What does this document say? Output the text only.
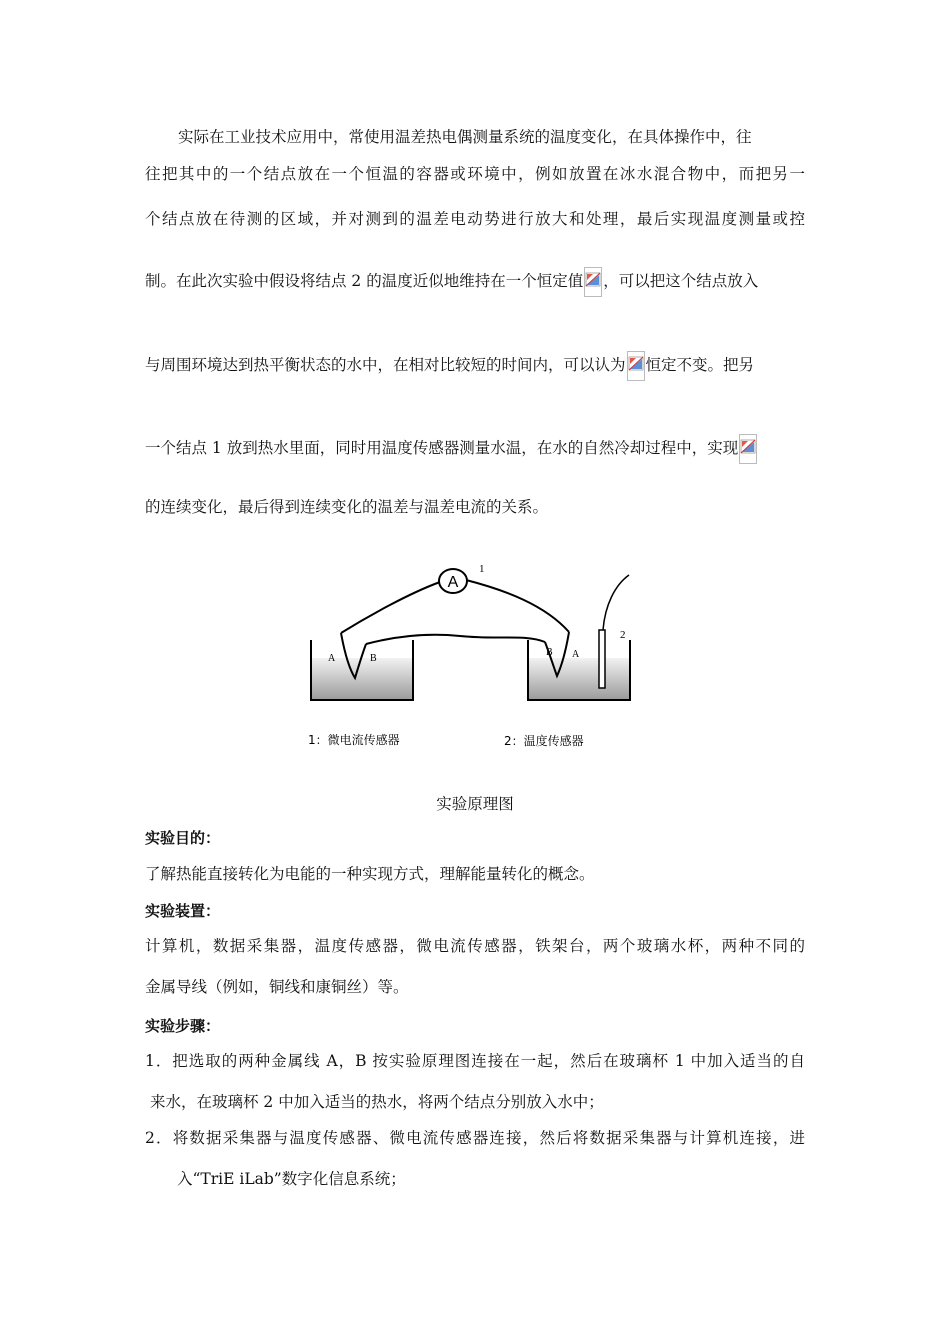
实际在工业技术应用中，常使用温差热电偶测量系统的温度变化，在具体操作中，往
往把其中的一个结点放在一个恒温的容器或环境中，例如放置在冰水混合物中，而把另一
个结点放在待测的区域，并对测到的温差电动势进行放大和处理，最后实现温度测量或控
制。在此次实验中假设将结点 2 的温度近似地维持在一个恒定值 ，可以把这个结点放入
与周围环境达到热平衡状态的水中，在相对比较短的时间内，可以认为 恒定不变。把另
一个结点 1 放到热水里面，同时用温度传感器测量水温，在水的自然冷却过程中，实现
的连续变化，最后得到连续变化的温差与温差电流的关系。
A
1
2
A	B
B A
1：微电流传感器	2：温度传感器
实验原理图
实验目的：
了解热能直接转化为电能的一种实现方式，理解能量转化的概念。
实验装置：
计算机，数据采集器，温度传感器，微电流传感器，铁架台，两个玻璃水杯，两种不同的
金属导线（例如，铜线和康铜丝）等。
实验步骤：
1．把选取的两种金属线 A，B 按实验原理图连接在一起，然后在玻璃杯 1 中加入适当的自
来水，在玻璃杯 2 中加入适当的热水，将两个结点分别放入水中；
2．将数据采集器与温度传感器、微电流传感器连接，然后将数据采集器与计算机连接，进
入“TriE iLab”数字化信息系统；
